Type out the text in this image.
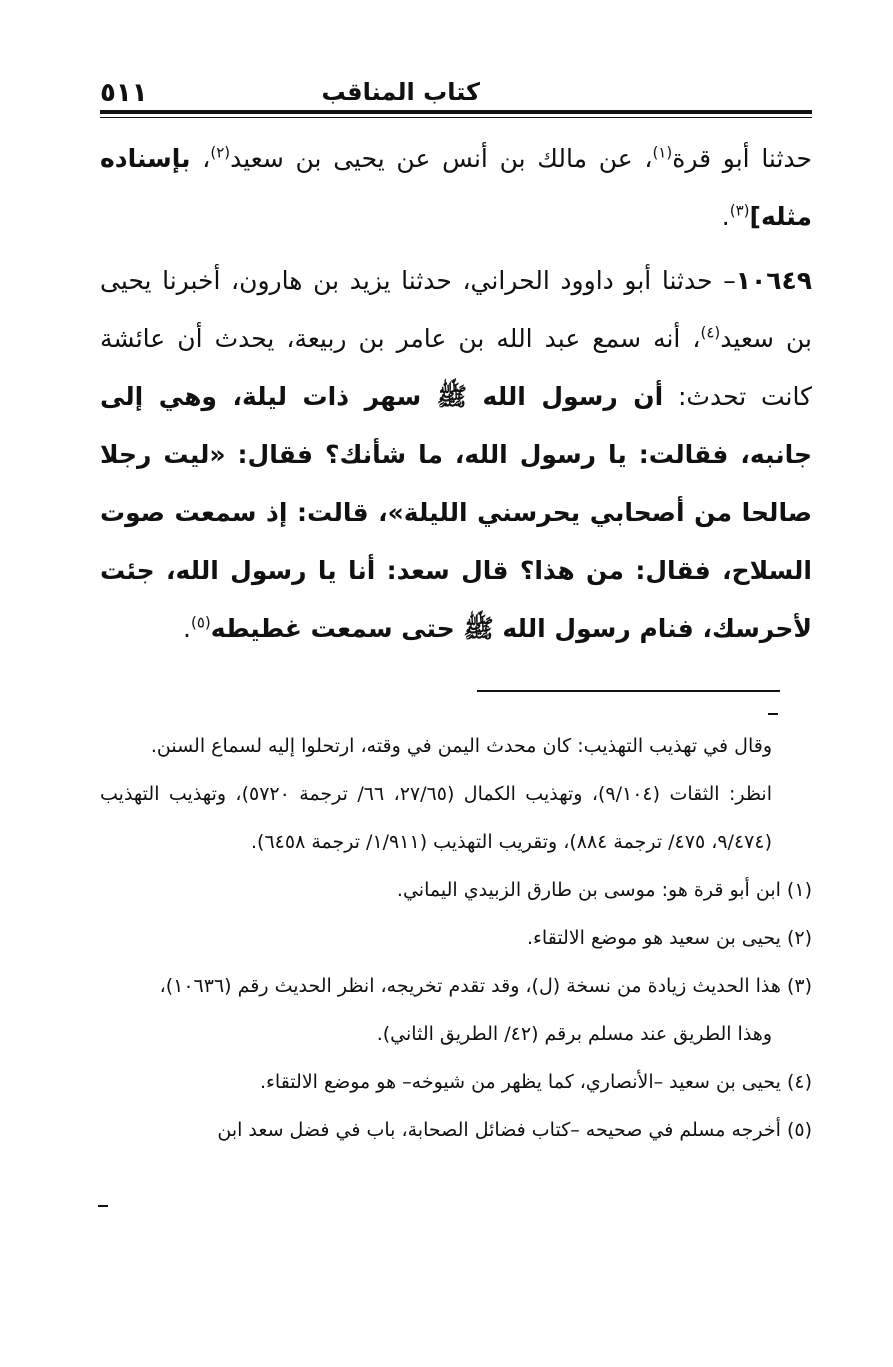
٥١١	كتاب المناقب

حدثنا أبو قرة$^{(١)}$، عن مالك بن أنس عن يحيى بن سعيد$^{(٢)}$، بإسناده مثله]$^{(٣)}$.

١٠٦٤٩– حدثنا أبو داوود الحراني، حدثنا يزيد بن هارون، أخبرنا يحيى بن سعيد$^{(٤)}$، أنه سمع عبد الله بن عامر بن ربيعة، يحدث أن عائشة كانت تحدث: أن رسول الله ﷺ سهر ذات ليلة، وهي إلى جانبه، فقالت: يا رسول الله، ما شأنك؟ فقال: «ليت رجلا صالحا من أصحابي يحرسني الليلة»، قالت: إذ سمعت صوت السلاح، فقال: من هذا؟ قال سعد: أنا يا رسول الله، جئت لأحرسك، فنام رسول الله ﷺ حتى سمعت غطيطه$^{(٥)}$.

وقال في تهذيب التهذيب: كان محدث اليمن في وقته، ارتحلوا إليه لسماع السنن.

انظر: الثقات (٩/١٠٤)، وتهذيب الكمال (٢٧/٦٥، ٦٦/ ترجمة ٥٧٢٠)، وتهذيب التهذيب (٩/٤٧٤، ٤٧٥/ ترجمة ٨٨٤)، وتقريب التهذيب (١/٩١١/ ترجمة ٦٤٥٨).

(١) ابن أبو قرة هو: موسى بن طارق الزبيدي اليماني.

(٢) يحيى بن سعيد هو موضع الالتقاء.

(٣) هذا الحديث زيادة من نسخة (ل)، وقد تقدم تخريجه، انظر الحديث رقم (١٠٦٣٦)،

وهذا الطريق عند مسلم برقم (٤٢/ الطريق الثاني).

(٤) يحيى بن سعيد –الأنصاري، كما يظهر من شيوخه– هو موضع الالتقاء.

(٥) أخرجه مسلم في صحيحه –كتاب فضائل الصحابة، باب في فضل سعد ابن
